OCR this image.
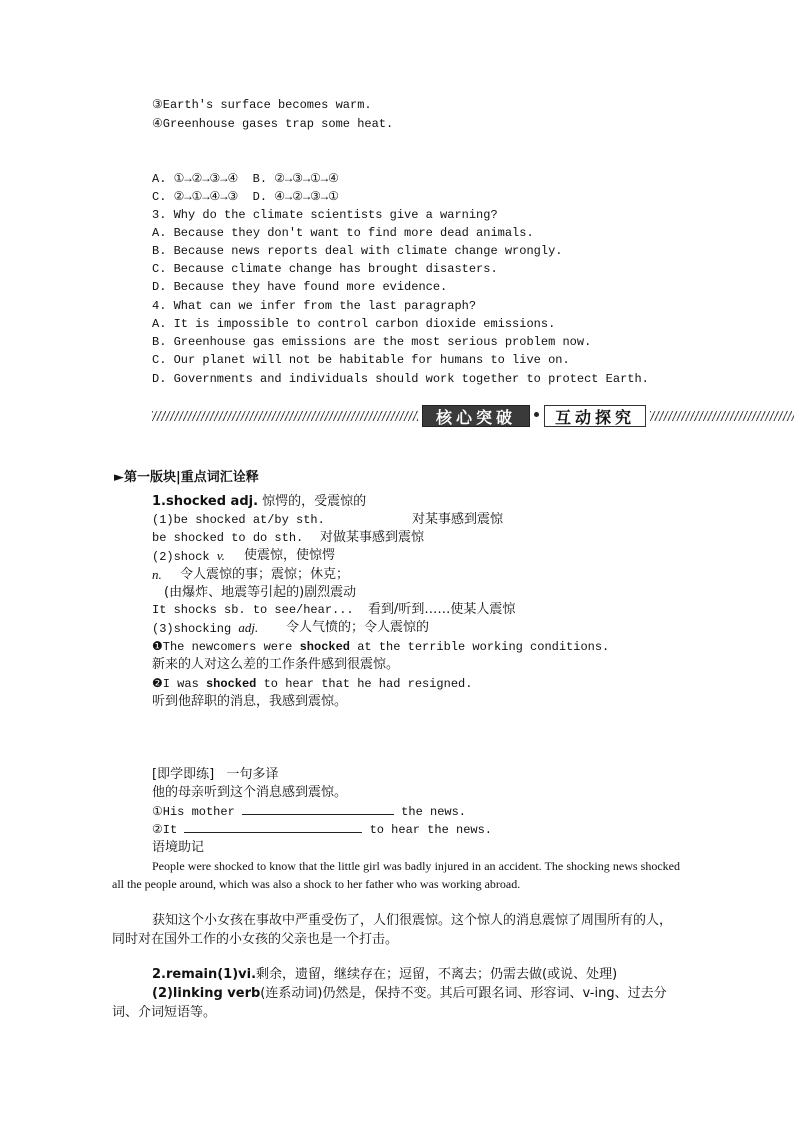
③Earth's surface becomes warm.
④Greenhouse gases trap some heat.
A. ①→②→③→④  B. ②→③→①→④
C. ②→①→④→③  D. ④→②→③→①
3. Why do the climate scientists give a warning?
A. Because they don't want to find more dead animals.
B. Because news reports deal with climate change wrongly.
C. Because climate change has brought disasters.
D. Because they have found more evidence.
4. What can we infer from the last paragraph?
A. It is impossible to control carbon dioxide emissions.
B. Greenhouse gas emissions are the most serious problem now.
C. Our planet will not be habitable for humans to live on.
D. Governments and individuals should work together to protect Earth.
核心突破	互动探究
►第一版块|重点词汇诠释
1.shocked adj. 惊愕的，受震惊的
(1)be shocked at/by sth.	对某事感到震惊
be shocked to do sth. 对做某事感到震惊
(2)shock v. 使震惊，使惊愕
n. 令人震惊的事；震惊；休克；
(由爆炸、地震等引起的)剧烈震动
It shocks sb. to see/hear... 看到/听到……使某人震惊
(3)shocking adj. 令人气愤的；令人震惊的
❶The newcomers were shocked at the terrible working conditions.
新来的人对这么差的工作条件感到很震惊。
❷I was shocked to hear that he had resigned.
听到他辞职的消息，我感到震惊。
[即学即练]   一句多译
他的母亲听到这个消息感到震惊。
①His mother	the news.
②It	to hear the news.
语境助记
People were shocked to know that the little girl was badly injured in an accident. The shocking news shocked all the people around, which was also a shock to her father who was working abroad.
获知这个小女孩在事故中严重受伤了，人们很震惊。这个惊人的消息震惊了周围所有的人，同时对在国外工作的小女孩的父亲也是一个打击。
2.remain(1)vi.剩余，遗留，继续存在；逗留，不离去；仍需去做(或说、处理)
(2)linking verb(连系动词)仍然是，保持不变。其后可跟名词、形容词、v-ing、过去分词、介词短语等。
